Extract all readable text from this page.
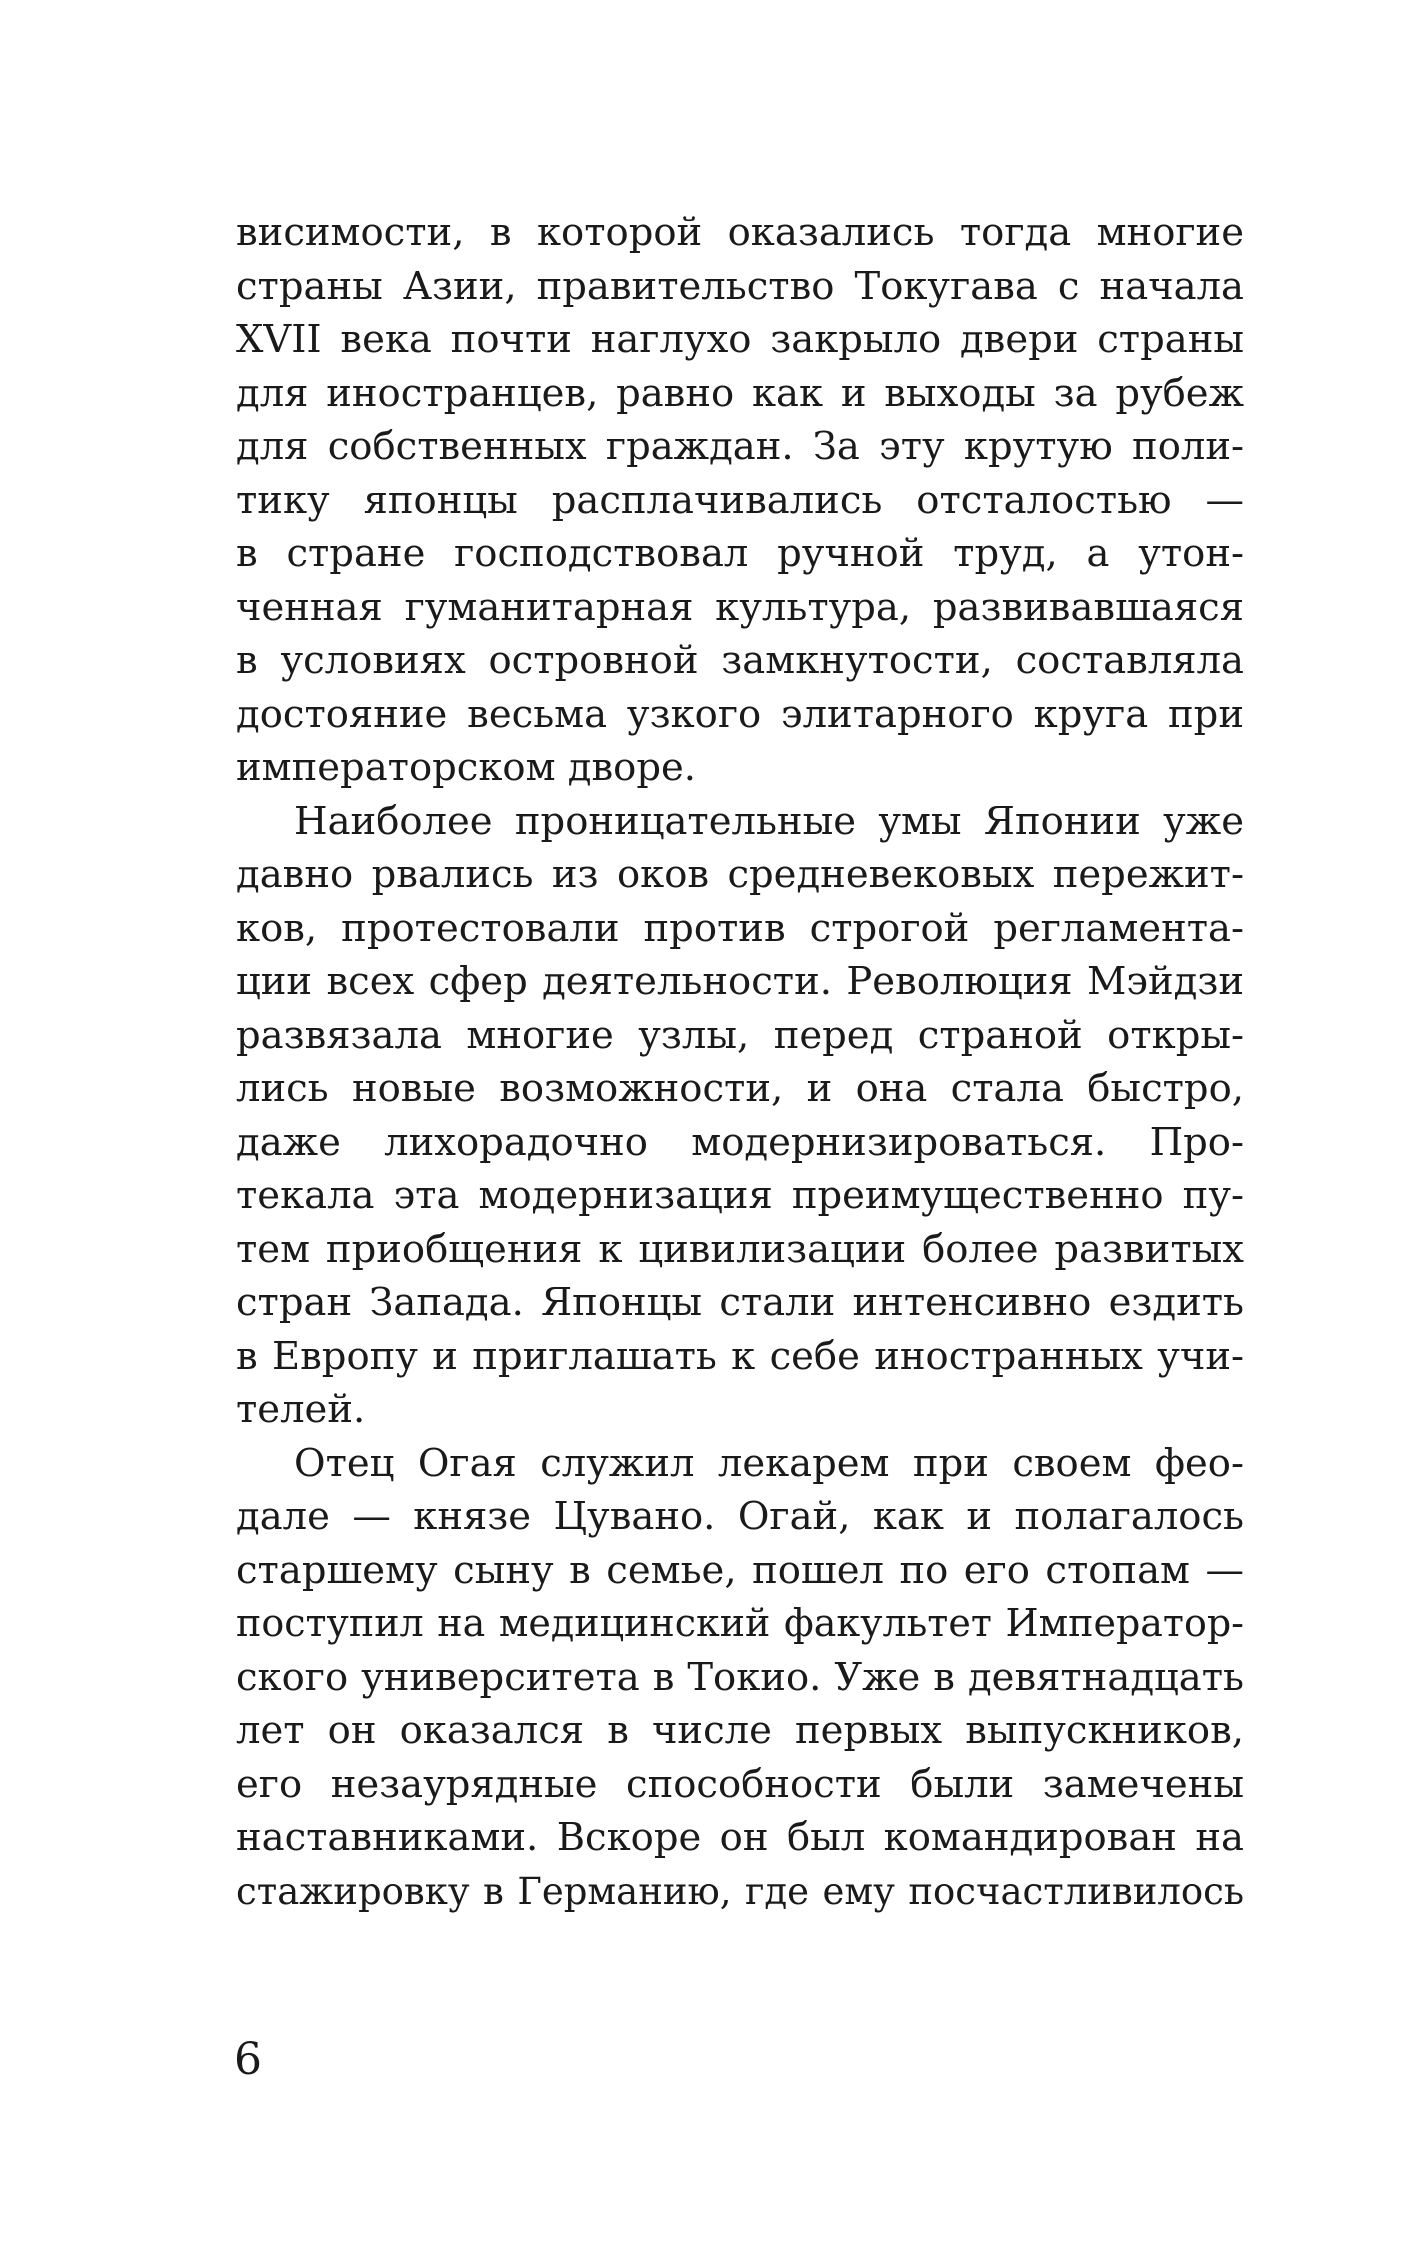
висимости, в которой оказались тогда многие
страны Азии, правительство Токугава с начала
XVII века почти наглухо закрыло двери страны
для иностранцев, равно как и выходы за рубеж
для собственных граждан. За эту крутую поли-
тику японцы расплачивались отсталостью —
в стране господствовал ручной труд, а утон-
ченная гуманитарная культура, развивавшаяся
в условиях островной замкнутости, составляла
достояние весьма узкого элитарного круга при
императорском дворе.
Наиболее проницательные умы Японии уже
давно рвались из оков средневековых пережит-
ков, протестовали против строгой регламента-
ции всех сфер деятельности. Революция Мэйдзи
развязала многие узлы, перед страной откры-
лись новые возможности, и она стала быстро,
даже лихорадочно модернизироваться. Про-
текала эта модернизация преимущественно пу-
тем приобщения к цивилизации более развитых
стран Запада. Японцы стали интенсивно ездить
в Европу и приглашать к себе иностранных учи-
телей.
Отец Огая служил лекарем при своем фео-
дале — князе Цувано. Огай, как и полагалось
старшему сыну в семье, пошел по его стопам —
поступил на медицинский факультет Император-
ского университета в Токио. Уже в девятнадцать
лет он оказался в числе первых выпускников,
его незаурядные способности были замечены
наставниками. Вскоре он был командирован на
стажировку в Германию, где ему посчастливилось
6
